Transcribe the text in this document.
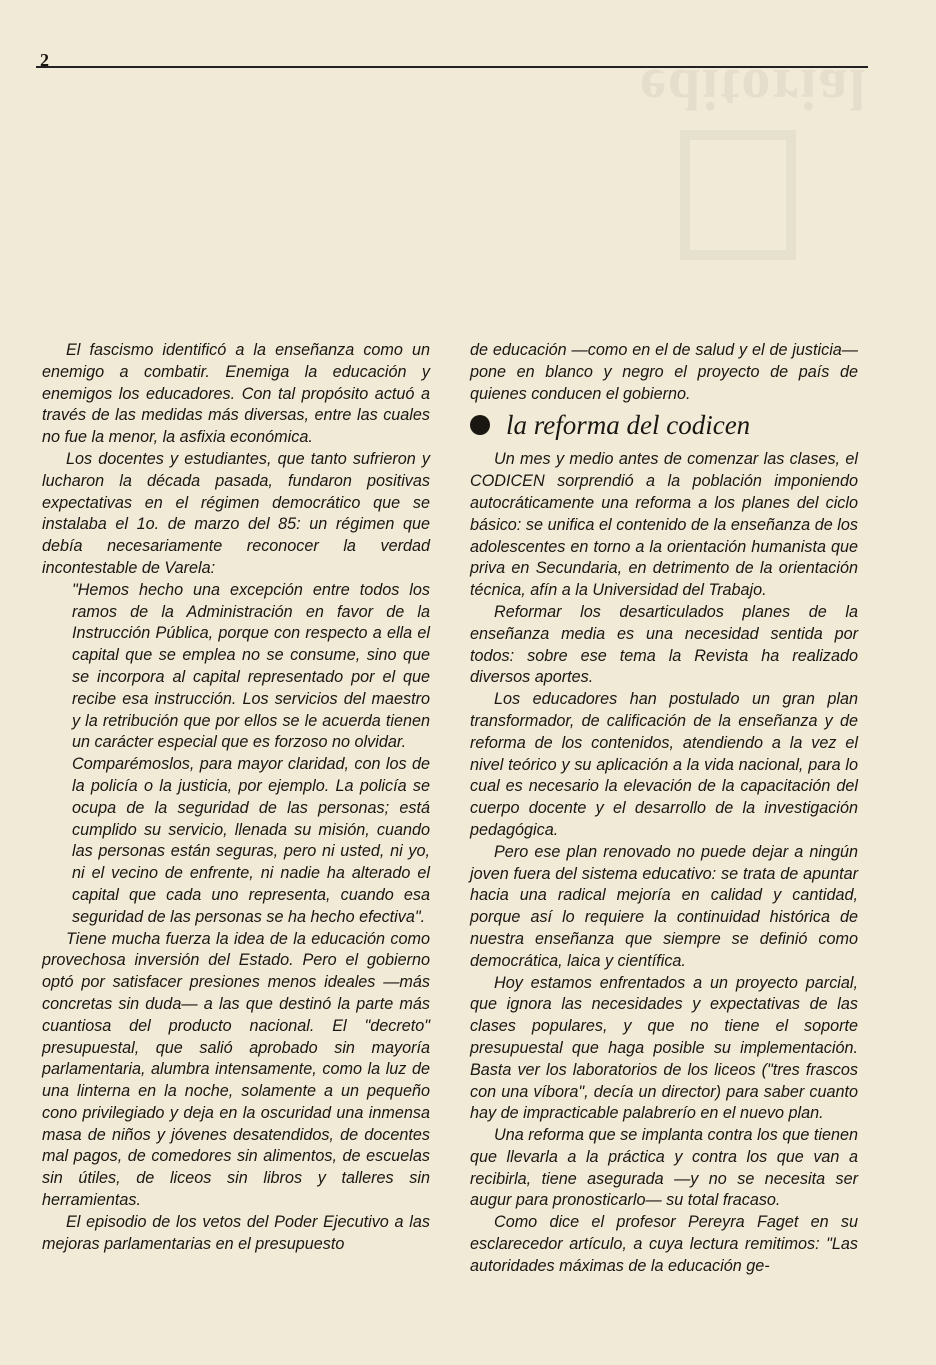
2	editorial

El fascismo identificó a la enseñanza como un enemigo a combatir. Enemiga la educación y enemigos los educadores. Con tal propósito actuó a través de las medidas más diversas, entre las cuales no fue la menor, la asfixia económica.

Los docentes y estudiantes, que tanto sufrieron y lucharon la década pasada, fundaron positivas expectativas en el régimen democrático que se instalaba el 1o. de marzo del 85: un régimen que debía necesariamente reconocer la verdad incontestable de Varela:

"Hemos hecho una excepción entre todos los ramos de la Administración en favor de la Instrucción Pública, porque con respecto a ella el capital que se emplea no se consume, sino que se incorpora al capital representado por el que recibe esa instrucción. Los servicios del maestro y la retribución que por ellos se le acuerda tienen un carácter especial que es forzoso no olvidar.

Comparémoslos, para mayor claridad, con los de la policía o la justicia, por ejemplo. La policía se ocupa de la seguridad de las personas; está cumplido su servicio, llenada su misión, cuando las personas están seguras, pero ni usted, ni yo, ni el vecino de enfrente, ni nadie ha alterado el capital que cada uno representa, cuando esa seguridad de las personas se ha hecho efectiva".

Tiene mucha fuerza la idea de la educación como provechosa inversión del Estado. Pero el gobierno optó por satisfacer presiones menos ideales —más concretas sin duda— a las que destinó la parte más cuantiosa del producto nacional. El "decreto" presupuestal, que salió aprobado sin mayoría parlamentaria, alumbra intensamente, como la luz de una linterna en la noche, solamente a un pequeño cono privilegiado y deja en la oscuridad una inmensa masa de niños y jóvenes desatendidos, de docentes mal pagos, de comedores sin alimentos, de escuelas sin útiles, de liceos sin libros y talleres sin herramientas.

El episodio de los vetos del Poder Ejecutivo a las mejoras parlamentarias en el presupuesto

de educación —como en el de salud y el de justicia— pone en blanco y negro el proyecto de país de quienes conducen el gobierno.

la reforma del codicen

Un mes y medio antes de comenzar las clases, el CODICEN sorprendió a la población imponiendo autocráticamente una reforma a los planes del ciclo básico: se unifica el contenido de la enseñanza de los adolescentes en torno a la orientación humanista que priva en Secundaria, en detrimento de la orientación técnica, afín a la Universidad del Trabajo.

Reformar los desarticulados planes de la enseñanza media es una necesidad sentida por todos: sobre ese tema la Revista ha realizado diversos aportes.

Los educadores han postulado un gran plan transformador, de calificación de la enseñanza y de reforma de los contenidos, atendiendo a la vez el nivel teórico y su aplicación a la vida nacional, para lo cual es necesario la elevación de la capacitación del cuerpo docente y el desarrollo de la investigación pedagógica.

Pero ese plan renovado no puede dejar a ningún joven fuera del sistema educativo: se trata de apuntar hacia una radical mejoría en calidad y cantidad, porque así lo requiere la continuidad histórica de nuestra enseñanza que siempre se definió como democrática, laica y científica.

Hoy estamos enfrentados a un proyecto parcial, que ignora las necesidades y expectativas de las clases populares, y que no tiene el soporte presupuestal que haga posible su implementación. Basta ver los laboratorios de los liceos ("tres frascos con una víbora", decía un director) para saber cuanto hay de impracticable palabrerío en el nuevo plan.

Una reforma que se implanta contra los que tienen que llevarla a la práctica y contra los que van a recibirla, tiene asegurada —y no se necesita ser augur para pronosticarlo— su total fracaso.

Como dice el profesor Pereyra Faget en su esclarecedor artículo, a cuya lectura remitimos: "Las autoridades máximas de la educación ge-
